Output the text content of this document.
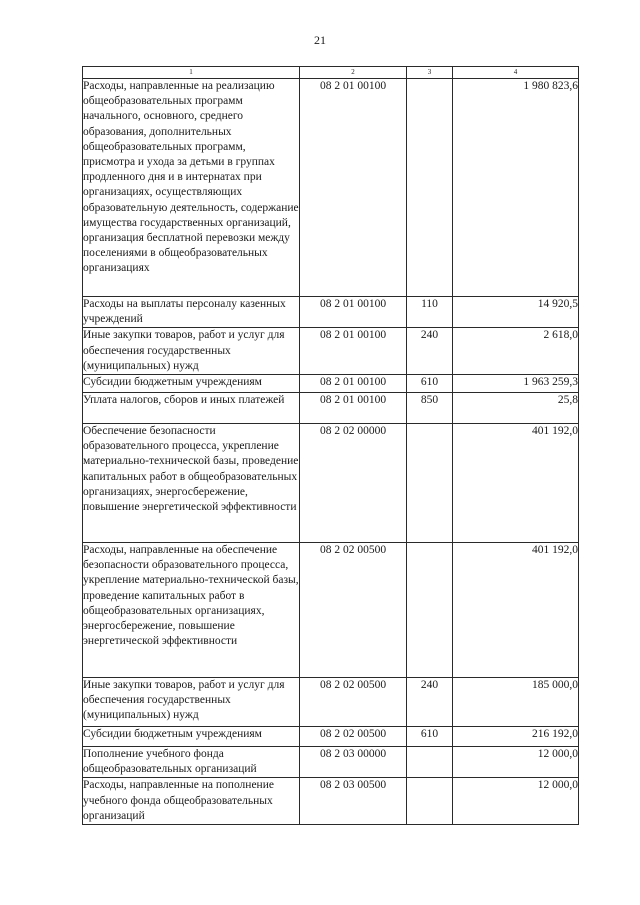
21
1	2	3	4
Расходы, направленные на реализацию общеобразовательных программ начального, основного, среднего образования, дополнительных общеобразовательных программ, присмотра и ухода за детьми в группах продленного дня и в интернатах при организациях, осуществляющих образовательную деятельность, содержание имущества государственных организаций, организация бесплатной перевозки между поселениями в общеобразовательных организациях	08 2 01 00100		1 980 823,6
Расходы на выплаты персоналу казенных учреждений	08 2 01 00100	110	14 920,5
Иные закупки товаров, работ и услуг для обеспечения государственных (муниципальных) нужд	08 2 01 00100	240	2 618,0
Субсидии бюджетным учреждениям	08 2 01 00100	610	1 963 259,3
Уплата налогов, сборов и иных платежей	08 2 01 00100	850	25,8
Обеспечение безопасности образовательного процесса, укрепление материально-технической базы, проведение капитальных работ в общеобразовательных организациях, энергосбережение, повышение энергетической эффективности	08 2 02 00000		401 192,0
Расходы, направленные на обеспечение безопасности образовательного процесса, укрепление материально-технической базы, проведение капитальных работ в общеобразовательных организациях, энергосбережение, повышение энергетической эффективности	08 2 02 00500		401 192,0
Иные закупки товаров, работ и услуг для обеспечения государственных (муниципальных) нужд	08 2 02 00500	240	185 000,0
Субсидии бюджетным учреждениям	08 2 02 00500	610	216 192,0
Пополнение учебного фонда общеобразовательных организаций	08 2 03 00000		12 000,0
Расходы, направленные на пополнение учебного фонда общеобразовательных организаций	08 2 03 00500		12 000,0
